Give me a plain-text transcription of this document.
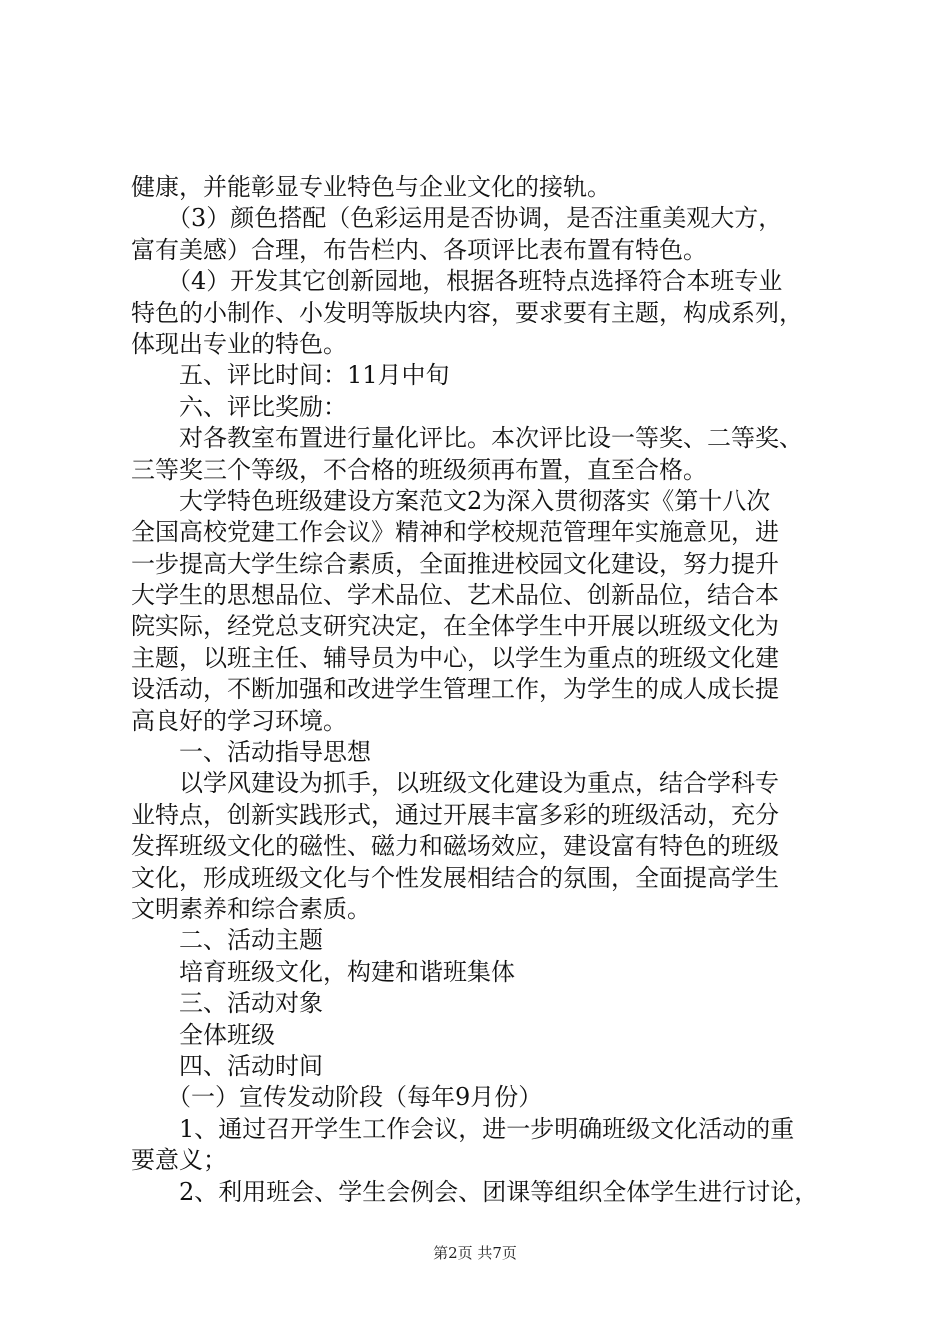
健康，并能彰显专业特色与企业文化的接轨。
　　（3）颜色搭配（色彩运用是否协调，是否注重美观大方，
富有美感）合理，布告栏内、各项评比表布置有特色。
　　（4）开发其它创新园地，根据各班特点选择符合本班专业
特色的小制作、小发明等版块内容，要求要有主题，构成系列，
体现出专业的特色。
　　五、评比时间：11月中旬
　　六、评比奖励：
　　对各教室布置进行量化评比。本次评比设一等奖、二等奖、
三等奖三个等级，不合格的班级须再布置，直至合格。
　　大学特色班级建设方案范文2为深入贯彻落实《第十八次
全国高校党建工作会议》精神和学校规范管理年实施意见，进
一步提高大学生综合素质，全面推进校园文化建设，努力提升
大学生的思想品位、学术品位、艺术品位、创新品位，结合本
院实际，经党总支研究决定，在全体学生中开展以班级文化为
主题，以班主任、辅导员为中心，以学生为重点的班级文化建
设活动，不断加强和改进学生管理工作，为学生的成人成长提
高良好的学习环境。
　　一、活动指导思想
　　以学风建设为抓手，以班级文化建设为重点，结合学科专
业特点，创新实践形式，通过开展丰富多彩的班级活动，充分
发挥班级文化的磁性、磁力和磁场效应，建设富有特色的班级
文化，形成班级文化与个性发展相结合的氛围，全面提高学生
文明素养和综合素质。
　　二、活动主题
　　培育班级文化，构建和谐班集体
　　三、活动对象
　　全体班级
　　四、活动时间
　　（一）宣传发动阶段（每年9月份）
　　1、通过召开学生工作会议，进一步明确班级文化活动的重
要意义；
　　2、利用班会、学生会例会、团课等组织全体学生进行讨论，
第2页 共7页
